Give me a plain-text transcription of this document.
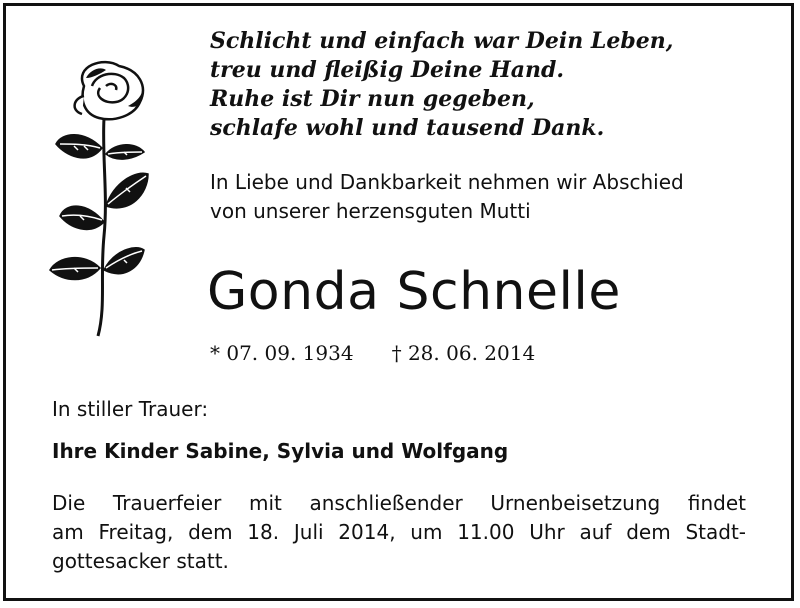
Schlicht und einfach war Dein Leben,
treu und fleißig Deine Hand.
Ruhe ist Dir nun gegeben,
schlafe wohl und tausend Dank.
In Liebe und Dankbarkeit nehmen wir Abschied
von unserer herzensguten Mutti
Gonda Schnelle
* 07. 09. 1934 † 28. 06. 2014
In stiller Trauer:
Ihre Kinder Sabine, Sylvia und Wolfgang
Die Trauerfeier mit anschließender Urnenbeisetzung findet
am Freitag, dem 18. Juli 2014, um 11.00 Uhr auf dem Stadt-
gottesacker statt.
